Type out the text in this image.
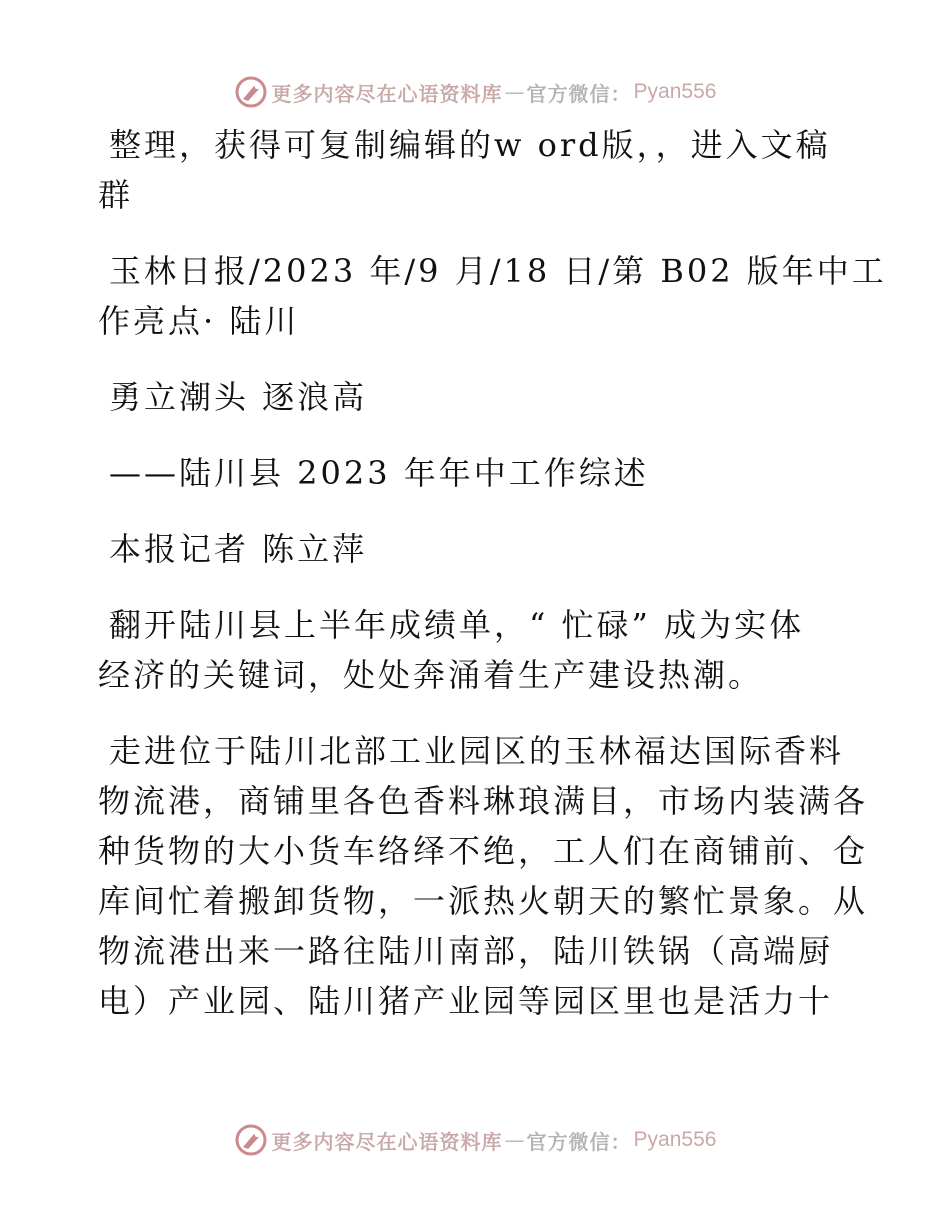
更多内容尽在心语资料库 — 官方微信： Pyan556
整理，获得可复制编辑的w ord版，，进入文稿
群
玉林日报/2023 年/9 月/18 日/第 B02 版年中工
作亮点· 陆川
勇立潮头 逐浪高
——陆川县 2023 年年中工作综述
本报记者 陈立萍
翻开陆川县上半年成绩单，“ 忙碌” 成为实体
经济的关键词，处处奔涌着生产建设热潮。
走进位于陆川北部工业园区的玉林福达国际香料
物流港，商铺里各色香料琳琅满目，市场内装满各
种货物的大小货车络绎不绝，工人们在商铺前、仓
库间忙着搬卸货物，一派热火朝天的繁忙景象。从
物流港出来一路往陆川南部，陆川铁锅（高端厨
电）产业园、陆川猪产业园等园区里也是活力十
更多内容尽在心语资料库 — 官方微信： Pyan556
